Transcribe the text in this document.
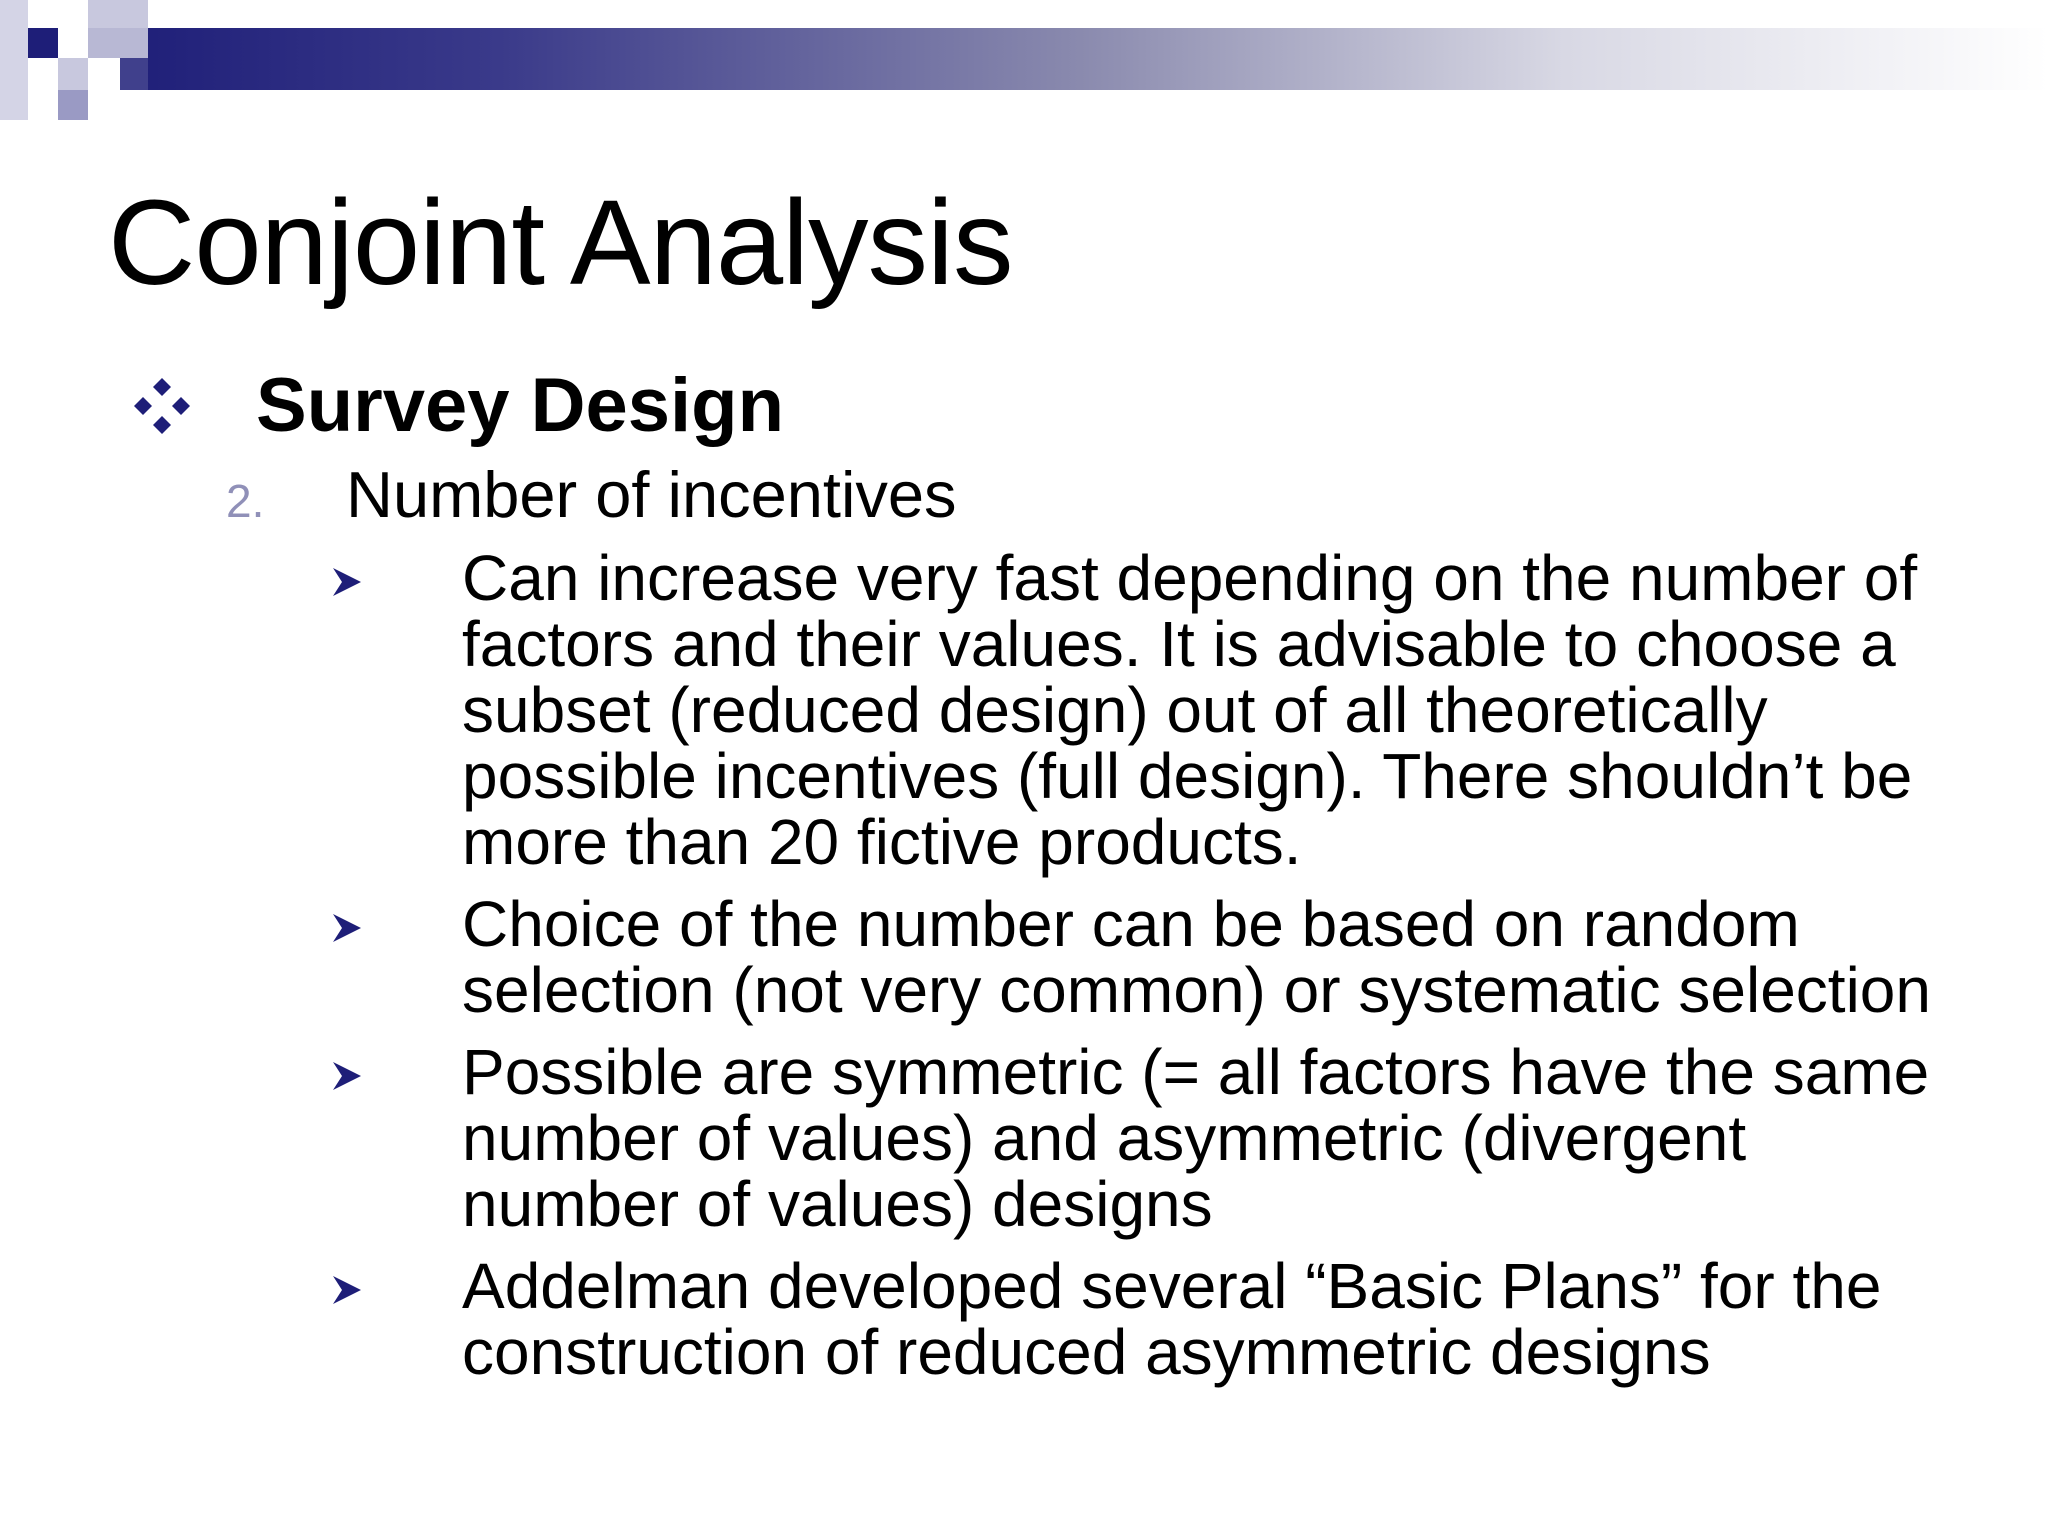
Conjoint Analysis
Survey Design
2.	Number of incentives
Can increase very fast depending on the number of factors and their values. It is advisable to choose a subset (reduced design) out of all theoretically possible incentives (full design). There shouldn’t be more than 20 fictive products.
Choice of the number can be based on random selection (not very common) or systematic selection
Possible are symmetric (= all factors have the same number of values) and asymmetric (divergent number of values) designs
Addelman developed several “Basic Plans” for the construction of reduced asymmetric designs
